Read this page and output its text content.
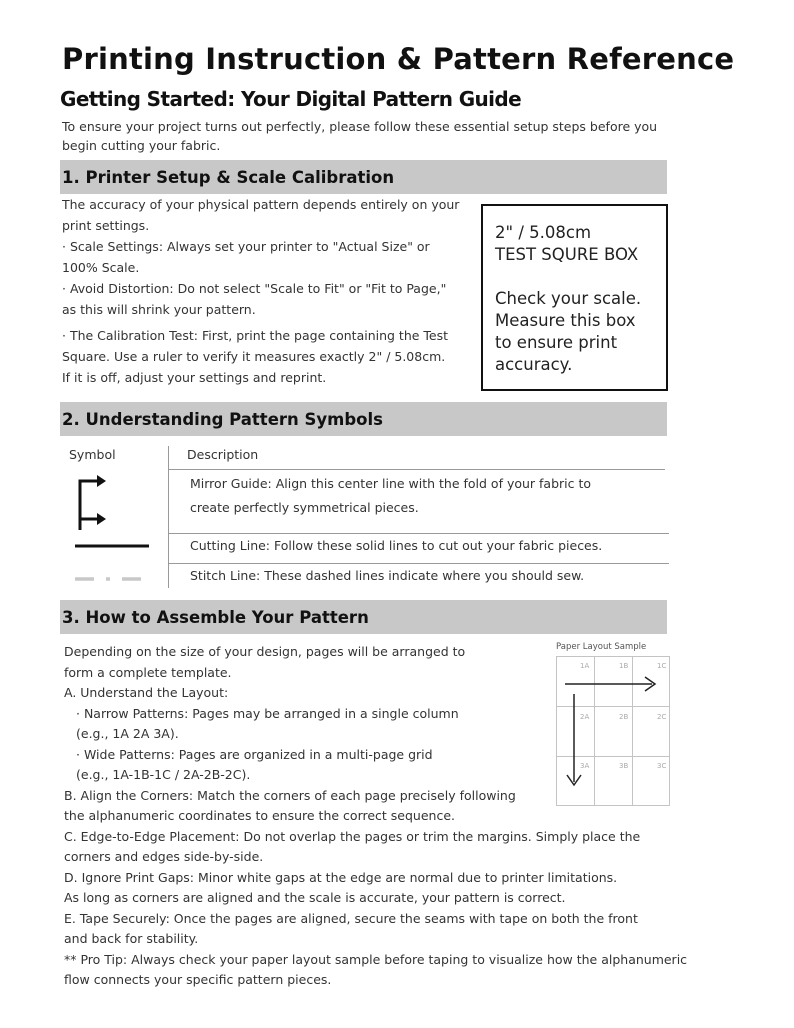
Printing Instruction & Pattern Reference
Getting Started: Your Digital Pattern Guide
To ensure your project turns out perfectly, please follow these essential setup steps before you
begin cutting your fabric.
1. Printer Setup & Scale Calibration
The accuracy of your physical pattern depends entirely on your
print settings.
· Scale Settings: Always set your printer to "Actual Size" or
100% Scale.
· Avoid Distortion: Do not select "Scale to Fit" or "Fit to Page,"
as this will shrink your pattern.
· The Calibration Test: First, print the page containing the Test
Square. Use a ruler to verify it measures exactly 2" / 5.08cm.
If it is off, adjust your settings and reprint.

2" / 5.08cm

TEST SQURE BOX

Check your scale.

Measure this box

to ensure print

accuracy.

2. Understanding Pattern Symbols
Symbol	Description
Mirror Guide: Align this center line with the fold of your fabric to
create perfectly symmetrical pieces.
Cutting Line: Follow these solid lines to cut out your fabric pieces.
Stitch Line: These dashed lines indicate where you should sew.
3. How to Assemble Your Pattern
Paper Layout Sample
1A	1B	1C
2A	2B	2C
3A	3B	3C
Depending on the size of your design, pages will be arranged to
form a complete template.
A. Understand the Layout:
· Narrow Patterns: Pages may be arranged in a single column
(e.g., 1A 2A 3A).
· Wide Patterns: Pages are organized in a multi-page grid
(e.g., 1A-1B-1C / 2A-2B-2C).
B. Align the Corners: Match the corners of each page precisely following
the alphanumeric coordinates to ensure the correct sequence.
C. Edge-to-Edge Placement: Do not overlap the pages or trim the margins. Simply place the
corners and edges side-by-side.
D. Ignore Print Gaps: Minor white gaps at the edge are normal due to printer limitations.
As long as corners are aligned and the scale is accurate, your pattern is correct.
E. Tape Securely: Once the pages are aligned, secure the seams with tape on both the front
and back for stability.
** Pro Tip: Always check your paper layout sample before taping to visualize how the alphanumeric
flow connects your specific pattern pieces.
